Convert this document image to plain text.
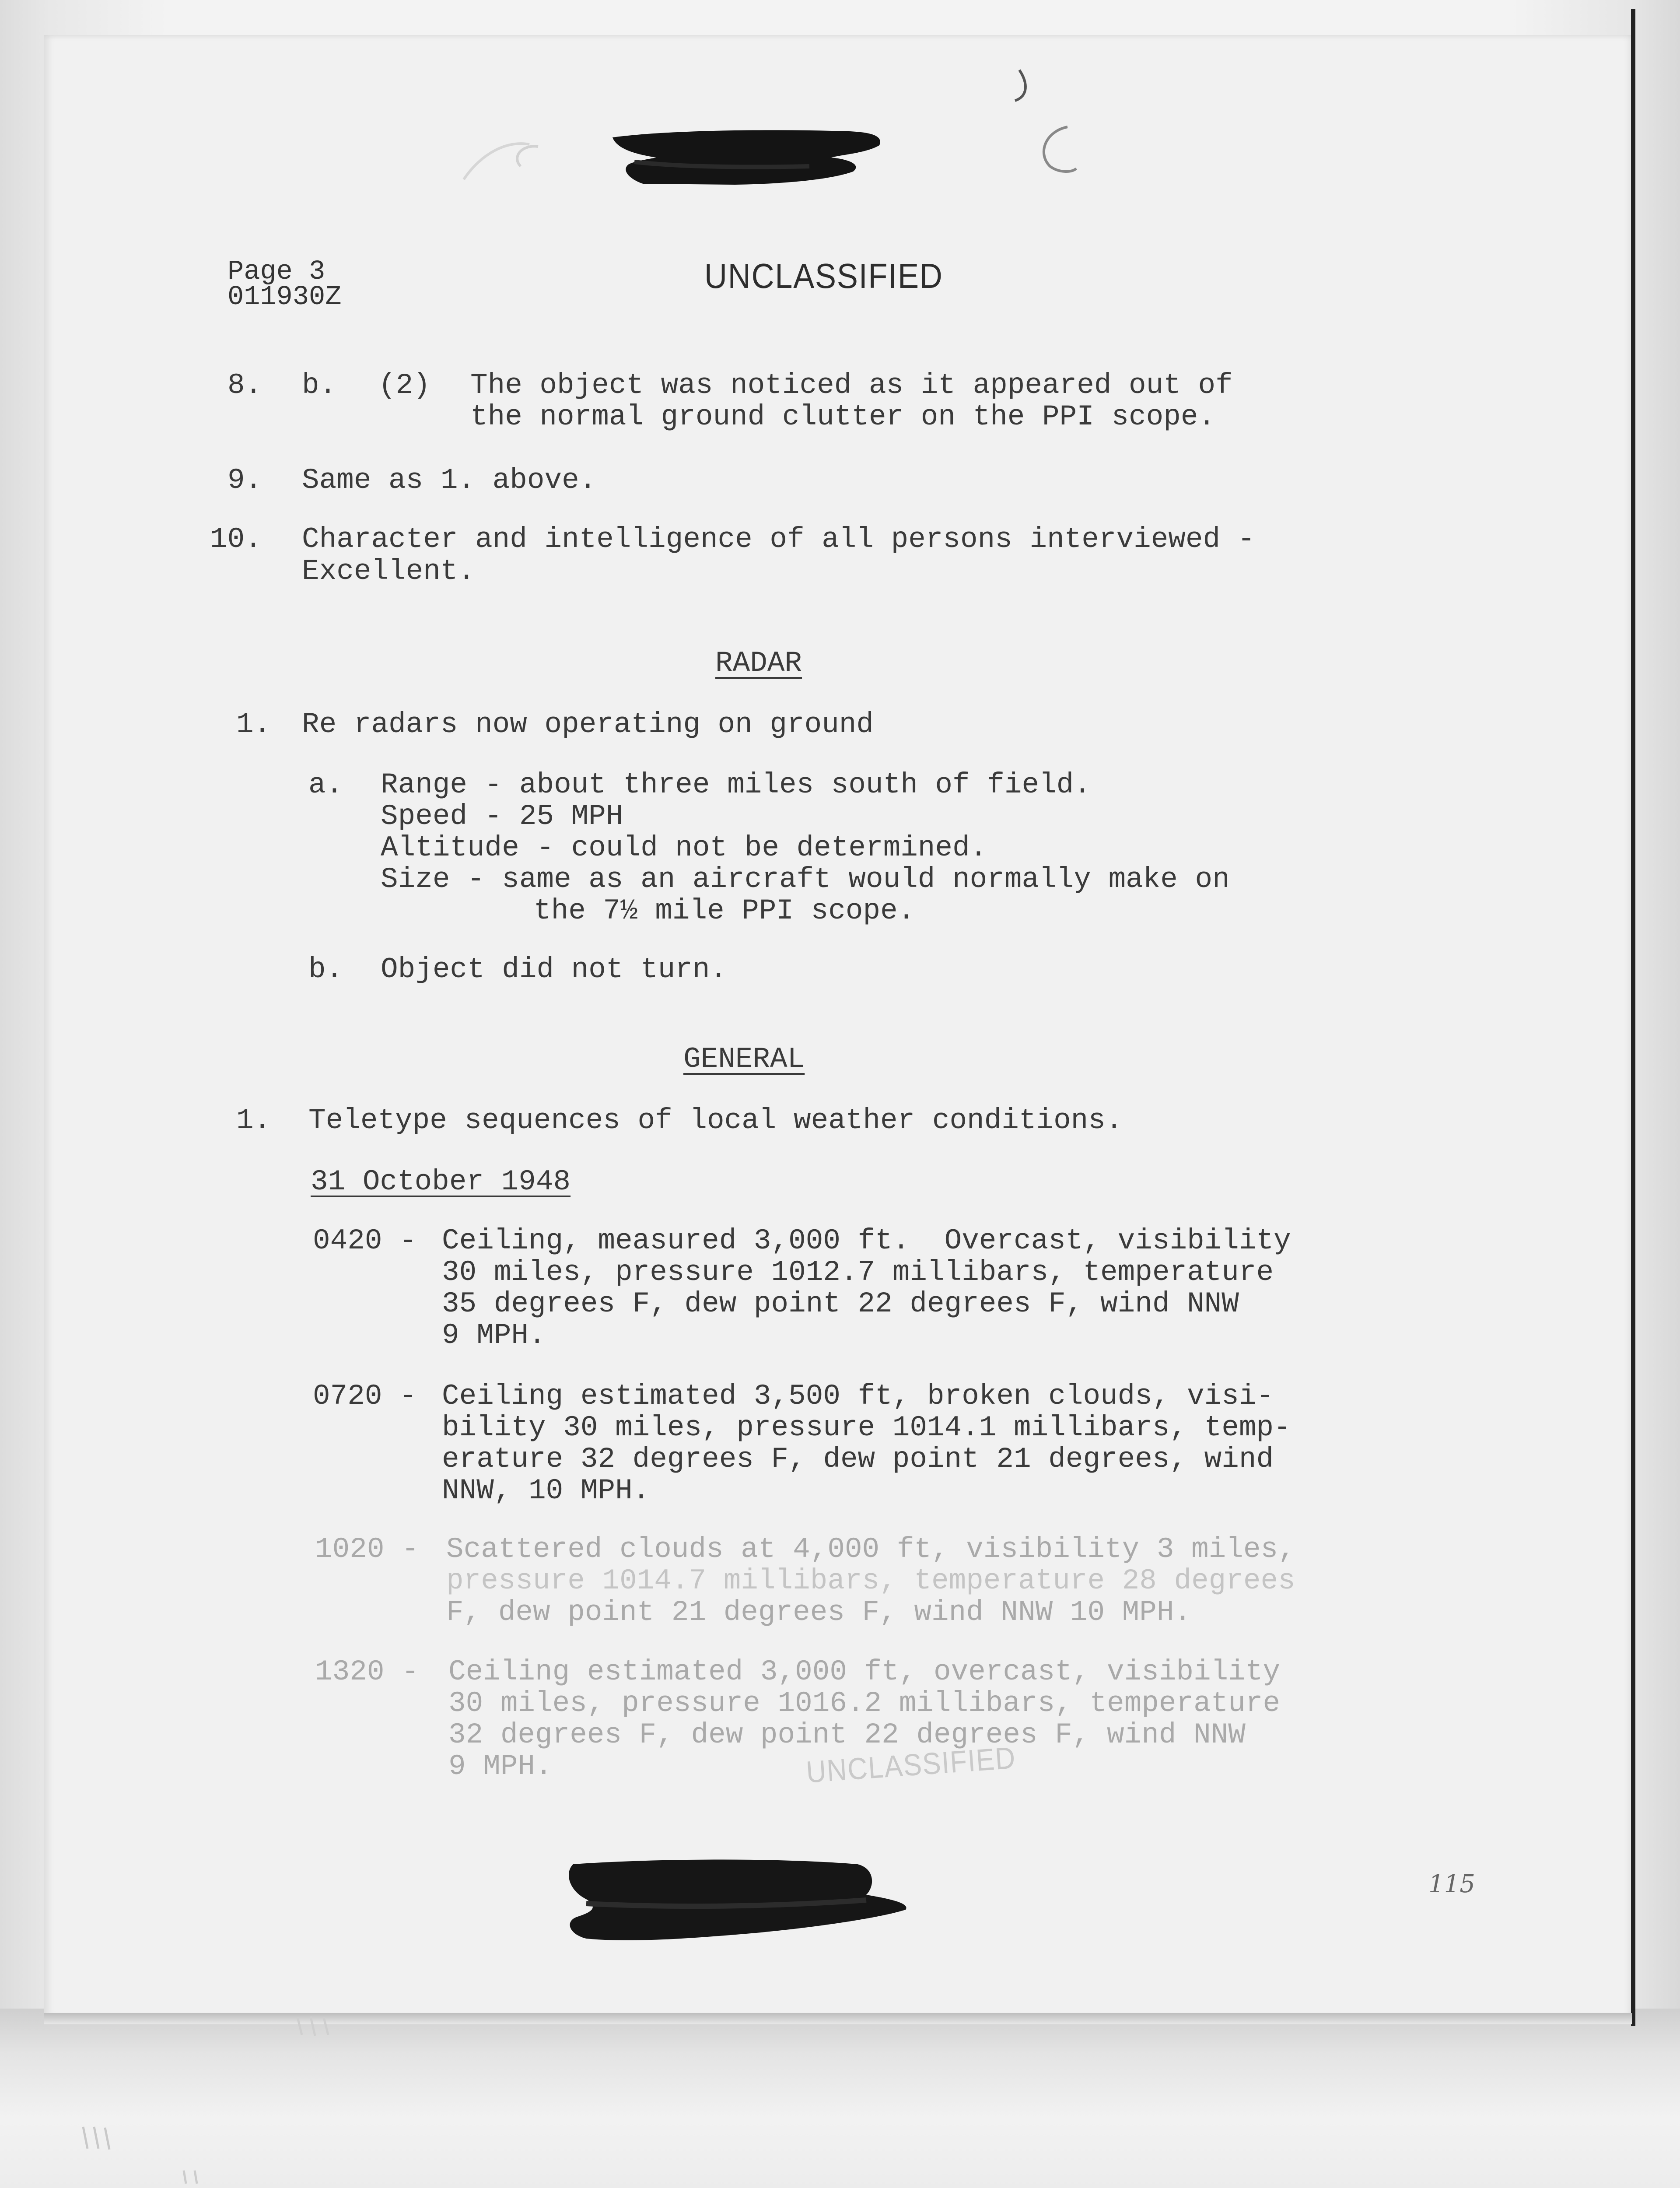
Page 3
011930Z
UNCLASSIFIED
8. b. (2) The object was noticed as it appeared out of
the normal ground clutter on the PPI scope.
9. Same as 1. above.
10. Character and intelligence of all persons interviewed -
Excellent.
RADAR
1. Re radars now operating on ground
a. Range - about three miles south of field.
Speed - 25 MPH
Altitude - could not be determined.
Size - same as an aircraft would normally make on
the 7½ mile PPI scope.
b. Object did not turn.
GENERAL
1. Teletype sequences of local weather conditions.
31 October 1948
0420 - Ceiling, measured 3,000 ft.  Overcast, visibility
30 miles, pressure 1012.7 millibars, temperature
35 degrees F, dew point 22 degrees F, wind NNW
9 MPH.
0720 - Ceiling estimated 3,500 ft, broken clouds, visi-
bility 30 miles, pressure 1014.1 millibars, temp-
erature 32 degrees F, dew point 21 degrees, wind
NNW, 10 MPH.
1020 - Scattered clouds at 4,000 ft, visibility 3 miles,
pressure 1014.7 millibars, temperature 28 degrees
F, dew point 21 degrees F, wind NNW 10 MPH.
1320 - Ceiling estimated 3,000 ft, overcast, visibility
30 miles, pressure 1016.2 millibars, temperature
32 degrees F, dew point 22 degrees F, wind NNW
9 MPH.	UNCLASSIFIED
115
